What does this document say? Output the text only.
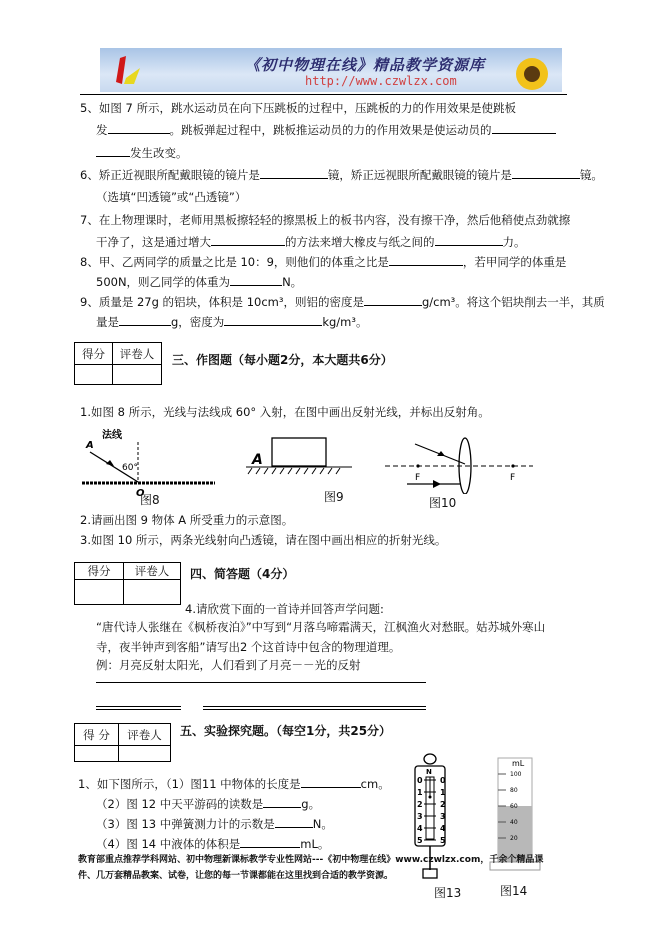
《初中物理在线》精品教学资源库
http://www.czwlzx.com
5、如图 7 所示，跳水运动员在向下压跳板的过程中，压跳板的力的作用效果是使跳板
发	。跳板弹起过程中，跳板推运动员的力的作用效果是使运动员的
发生改变。
6、矫正近视眼所配戴眼镜的镜片是	镜，矫正远视眼所配戴眼镜的镜片是	镜。
（选填“凹透镜”或“凸透镜”）
7、在上物理课时，老师用黑板擦轻轻的擦黑板上的板书内容，没有擦干净，然后他稍使点劲就擦
干净了，这是通过增大	的方法来增大橡皮与纸之间的	力。
8、甲、乙两同学的质量之比是 10：9，则他们的体重之比是	，若甲同学的体重是
500N，则乙同学的体重为	N。
9、质量是 27g 的铝块，体积是 10cm³，则铝的密度是	g/cm³。将这个铝块削去一半，其质
量是	g，密度为	kg/m³。
得分	评卷人
	三、作图题（每小题2分，本大题共6分）
1.如图 8 所示，光线与法线成 60° 入射，在图中画出反射光线，并标出反射角。
法线
A
60°
O
图8
A
图9
F	F
图10
2.请画出图 9 物体 A 所受重力的示意图。
3.如图 10 所示，两条光线射向凸透镜，请在图中画出相应的折射光线。
得分	评卷人
	四、简答题（4分）
4.请欣赏下面的一首诗并回答声学问题:
“唐代诗人张继在《枫桥夜泊》”中写到“月落乌啼霜满天，江枫渔火对愁眠。姑苏城外寒山
寺，夜半钟声到客船”请写出2 个这首诗中包含的物理道理。
例：月亮反射太阳光，人们看到了月亮－－光的反射
得 分	评卷人
	五、实验探究题。（每空1分，共25分）
1、如下图所示，（1）图11 中物体的长度是	cm。
（2）图 12 中天平游码的读数是	g。
（3）图 13 中弹簧测力计的示数是	N。
（4）图 14 中液体的体积是	mL。
N
0 0
1 1
2 2
3 3
4 4
5 5
图13
mL
100
80
60
40
20
图14
教育部重点推荐学科网站、初中物理新课标教学专业性网站---《初中物理在线》www.czwlzx.com，千余个精品课
件、几万套精品教案、试卷，让您的每一节课都能在这里找到合适的教学资源。
